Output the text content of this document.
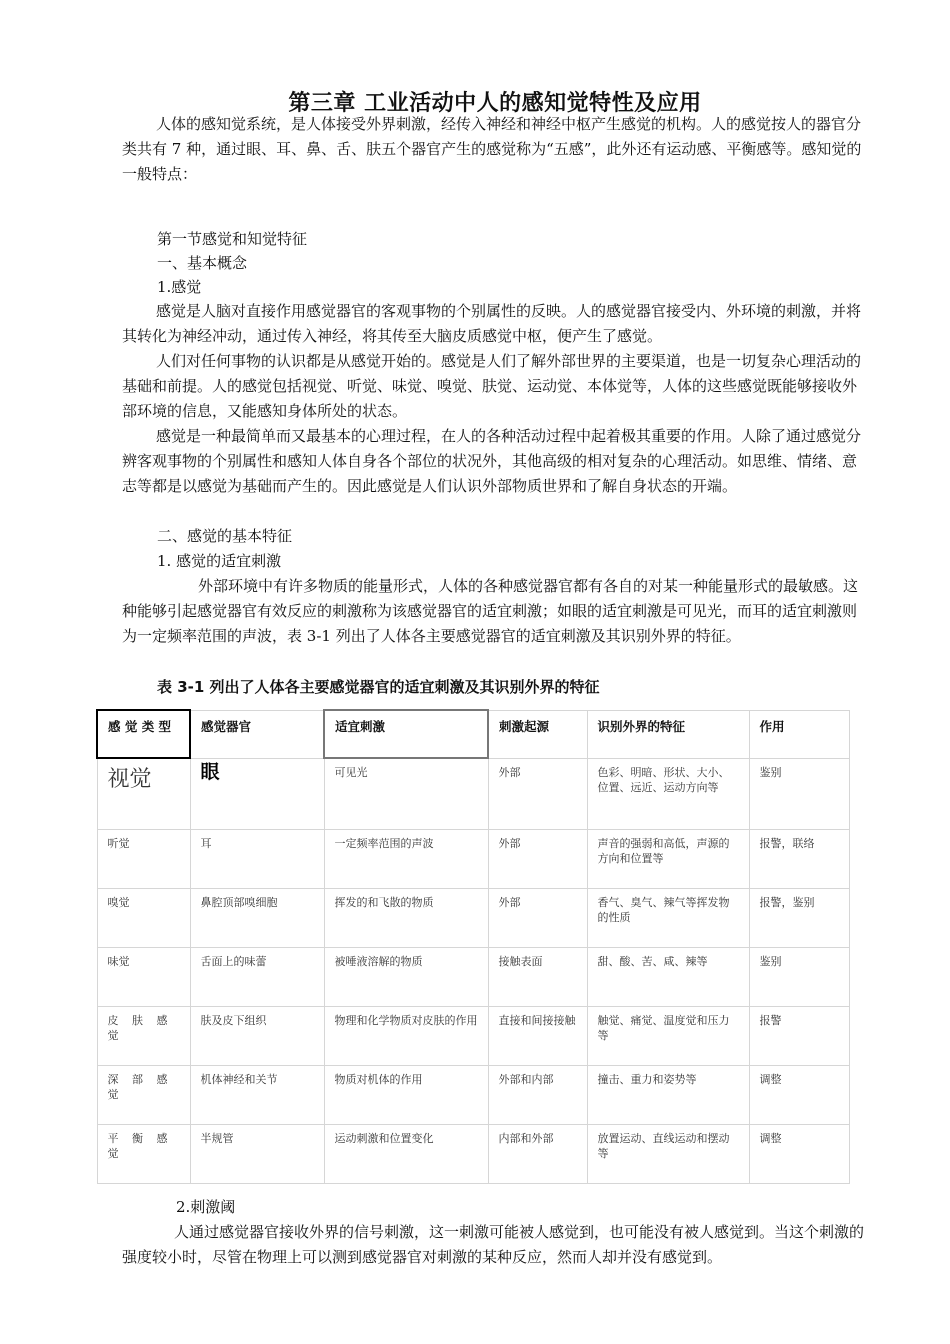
第三章 工业活动中人的感知觉特性及应用

人体的感知觉系统，是人体接受外界刺激，经传入神经和神经中枢产生感觉的机构。人的感觉按人的器官分类共有 7 种，通过眼、耳、鼻、舌、肤五个器官产生的感觉称为“五感”，此外还有运动感、平衡感等。感知觉的一般特点：

第一节感觉和知觉特征
一、基本概念
1.感觉

感觉是人脑对直接作用感觉器官的客观事物的个别属性的反映。人的感觉器官接受内、外环境的刺激，并将其转化为神经冲动，通过传入神经，将其传至大脑皮质感觉中枢，便产生了感觉。

人们对任何事物的认识都是从感觉开始的。感觉是人们了解外部世界的主要渠道，也是一切复杂心理活动的基础和前提。人的感觉包括视觉、听觉、味觉、嗅觉、肤觉、运动觉、本体觉等，人体的这些感觉既能够接收外部环境的信息，又能感知身体所处的状态。

感觉是一种最简单而又最基本的心理过程，在人的各种活动过程中起着极其重要的作用。人除了通过感觉分辨客观事物的个别属性和感知人体自身各个部位的状况外，其他高级的相对复杂的心理活动。如思维、情绪、意志等都是以感觉为基础而产生的。因此感觉是人们认识外部物质世界和了解自身状态的开端。

二、感觉的基本特征
1. 感觉的适宜刺激

外部环境中有许多物质的能量形式，人体的各种感觉器官都有各自的对某一种能量形式的最敏感。这种能够引起感觉器官有效反应的刺激称为该感觉器官的适宜刺激；如眼的适宜刺激是可见光，而耳的适宜刺激则为一定频率范围的声波，表 3-1 列出了人体各主要感觉器官的适宜刺激及其识别外界的特征。

表 3-1 列出了人体各主要感觉器官的适宜刺激及其识别外界的特征
感 觉 类 型	感觉器官	适宜刺激	刺激起源	识别外界的特征	作用
视觉	眼	可见光	外部	色彩、明暗、形状、大小、位置、远近、运动方向等	鉴别
听觉	耳	一定频率范围的声波	外部	声音的强弱和高低，声源的方向和位置等	报警，联络
嗅觉	鼻腔顶部嗅细胞	挥发的和飞散的物质	外部	香气、臭气、辣气等挥发物的性质	报警，鉴别
味觉	舌面上的味蕾	被唾液溶解的物质	接触表面	甜、酸、苦、咸、辣等	鉴别
皮 肤 感 觉	肤及皮下组织	物理和化学物质对皮肤的作用	直接和间接接触	触觉、痛觉、温度觉和压力等	报警
深 部 感 觉	机体神经和关节	物质对机体的作用	外部和内部	撞击、重力和姿势等	调整
平 衡 感 觉	半规管	运动刺激和位置变化	内部和外部	放置运动、直线运动和摆动等	调整
2.刺激阈

人通过感觉器官接收外界的信号刺激，这一刺激可能被人感觉到，也可能没有被人感觉到。当这个刺激的强度较小时，尽管在物理上可以测到感觉器官对刺激的某种反应，然而人却并没有感觉到。
